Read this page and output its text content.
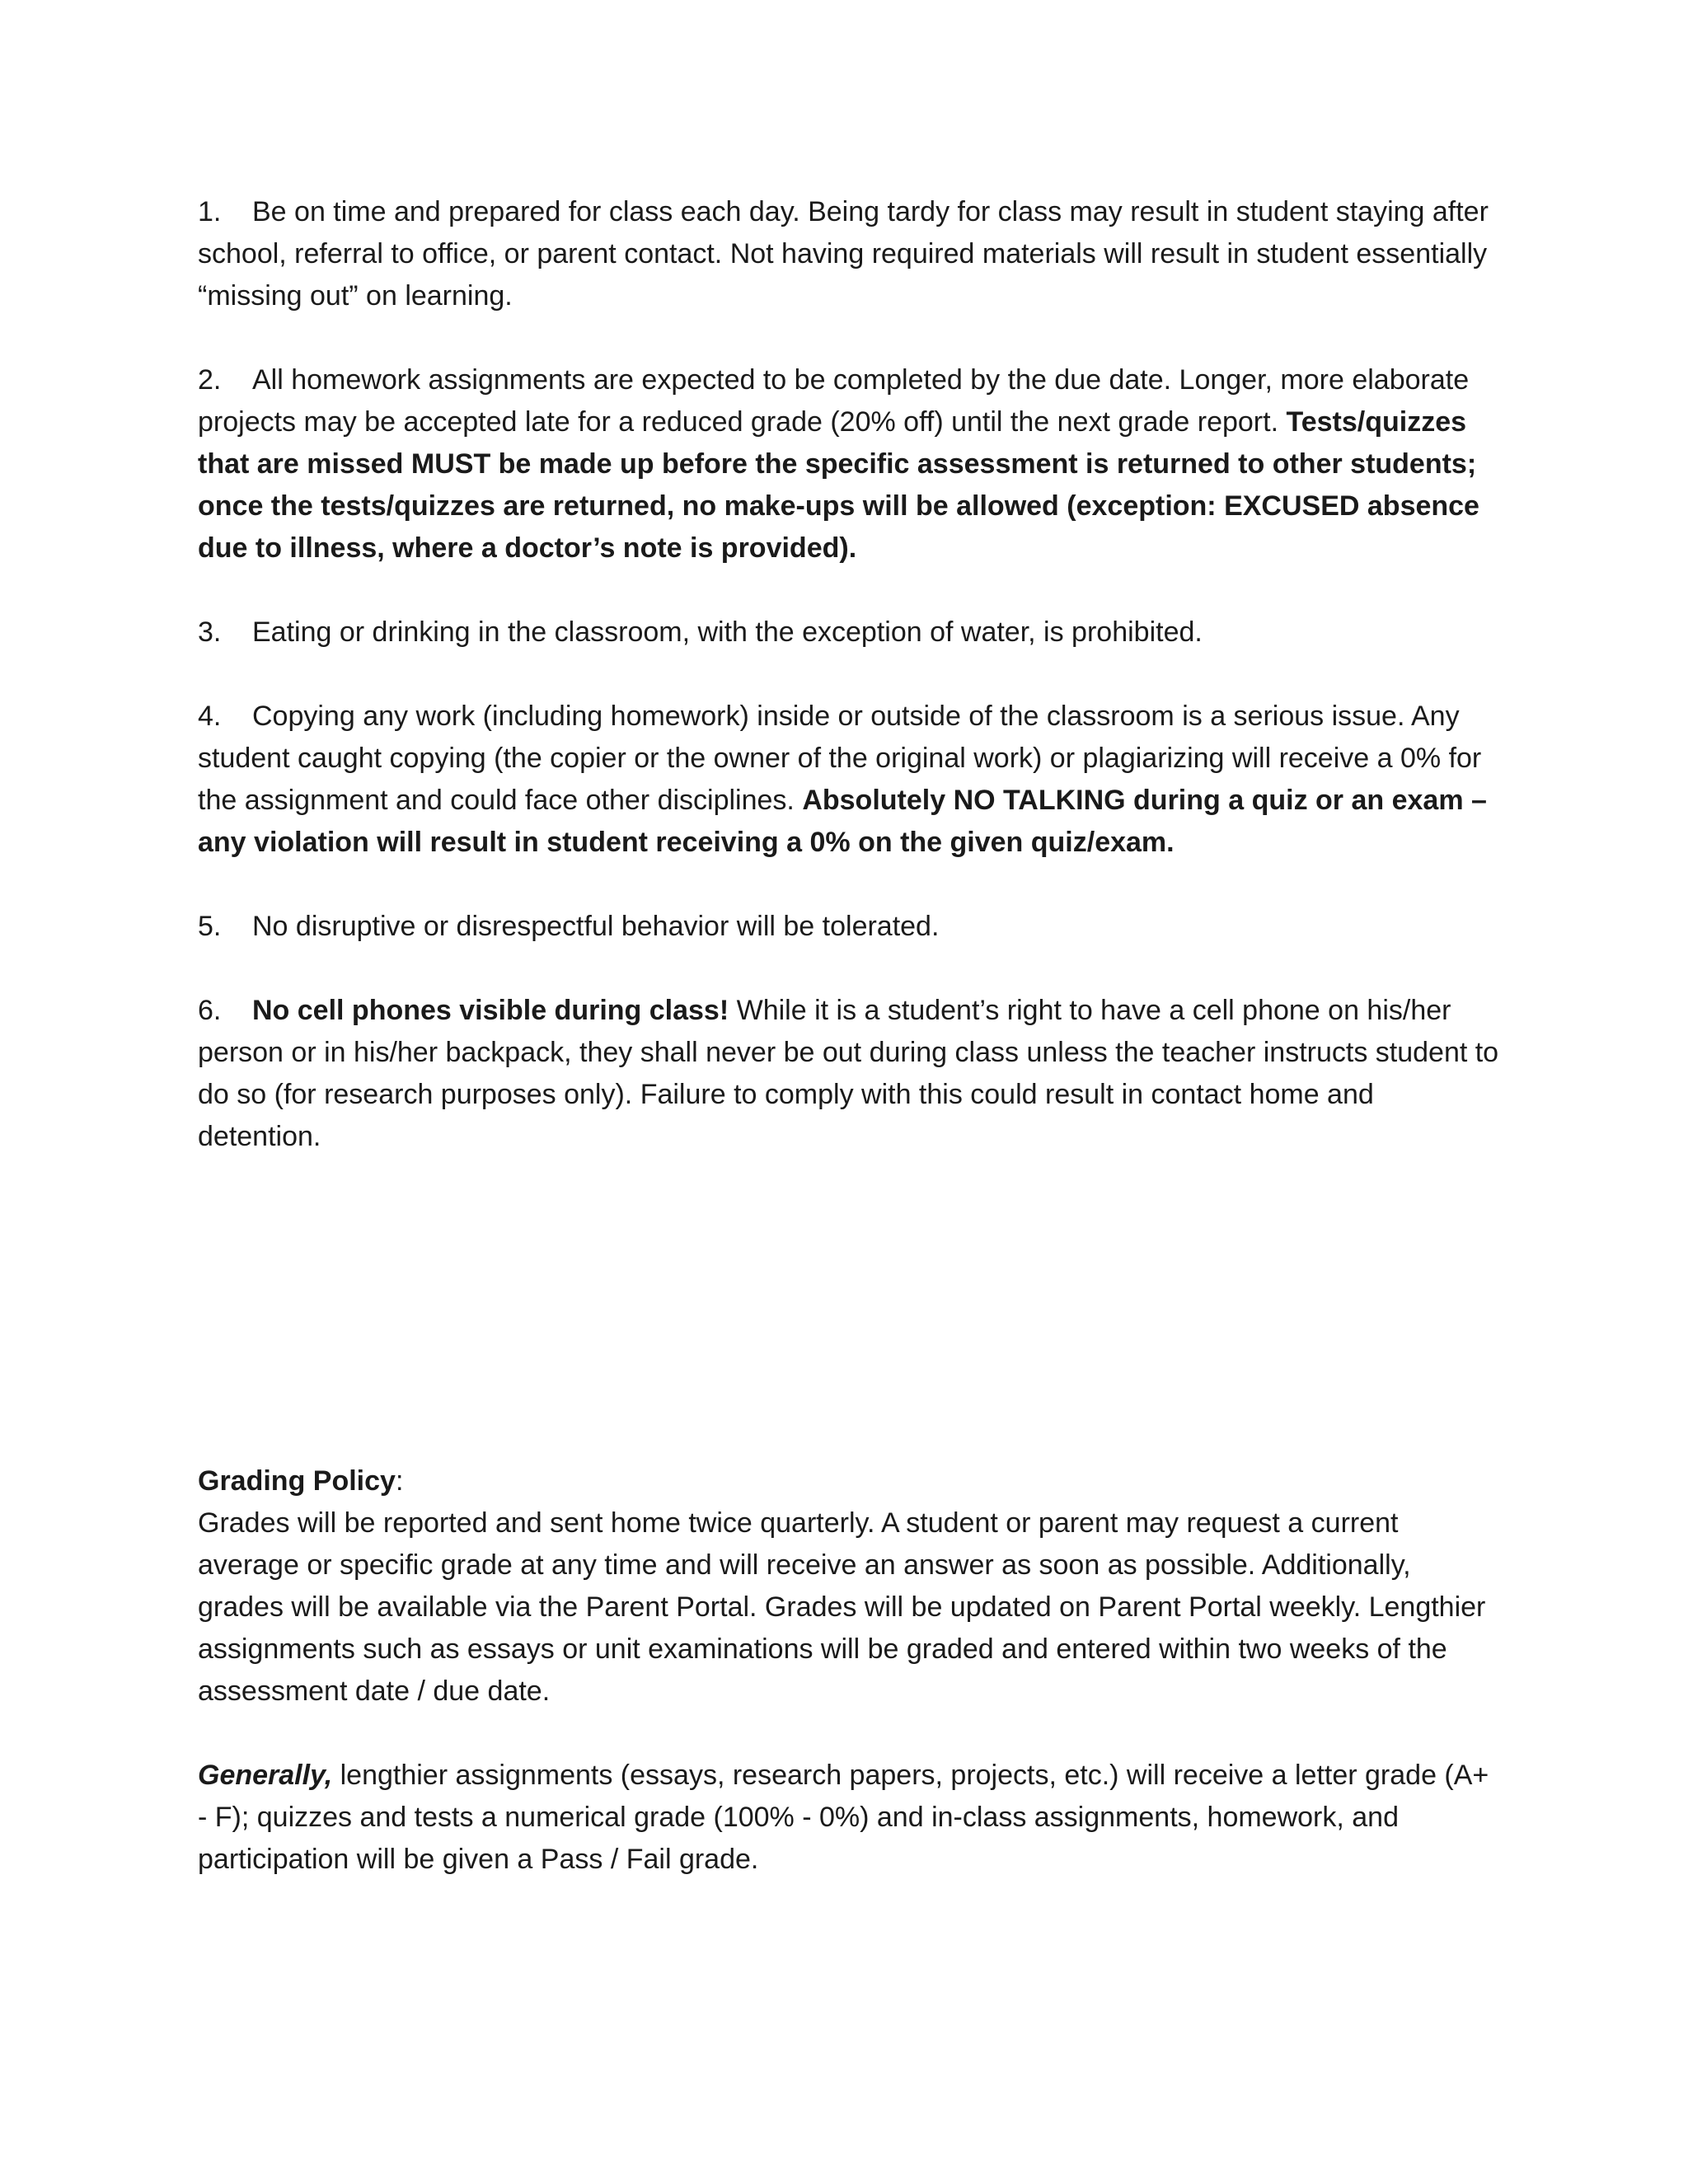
1. Be on time and prepared for class each day. Being tardy for class may result in student staying after school, referral to office, or parent contact. Not having required materials will result in student essentially “missing out” on learning.

2. All homework assignments are expected to be completed by the due date. Longer, more elaborate projects may be accepted late for a reduced grade (20% off) until the next grade report. Tests/quizzes that are missed MUST be made up before the specific assessment is returned to other students; once the tests/quizzes are returned, no make-ups will be allowed (exception: EXCUSED absence due to illness, where a doctor’s note is provided).

3. Eating or drinking in the classroom, with the exception of water, is prohibited.

4. Copying any work (including homework) inside or outside of the classroom is a serious issue. Any student caught copying (the copier or the owner of the original work) or plagiarizing will receive a 0% for the assignment and could face other disciplines. Absolutely NO TALKING during a quiz or an exam – any violation will result in student receiving a 0% on the given quiz/exam.

5. No disruptive or disrespectful behavior will be tolerated.

6. No cell phones visible during class! While it is a student’s right to have a cell phone on his/her person or in his/her backpack, they shall never be out during class unless the teacher instructs student to do so (for research purposes only). Failure to comply with this could result in contact home and detention.

Grading Policy:

Grades will be reported and sent home twice quarterly. A student or parent may request a current average or specific grade at any time and will receive an answer as soon as possible. Additionally, grades will be available via the Parent Portal. Grades will be updated on Parent Portal weekly. Lengthier assignments such as essays or unit examinations will be graded and entered within two weeks of the assessment date / due date.

Generally, lengthier assignments (essays, research papers, projects, etc.) will receive a letter grade (A+ - F); quizzes and tests a numerical grade (100% - 0%) and in-class assignments, homework, and participation will be given a Pass / Fail grade.
